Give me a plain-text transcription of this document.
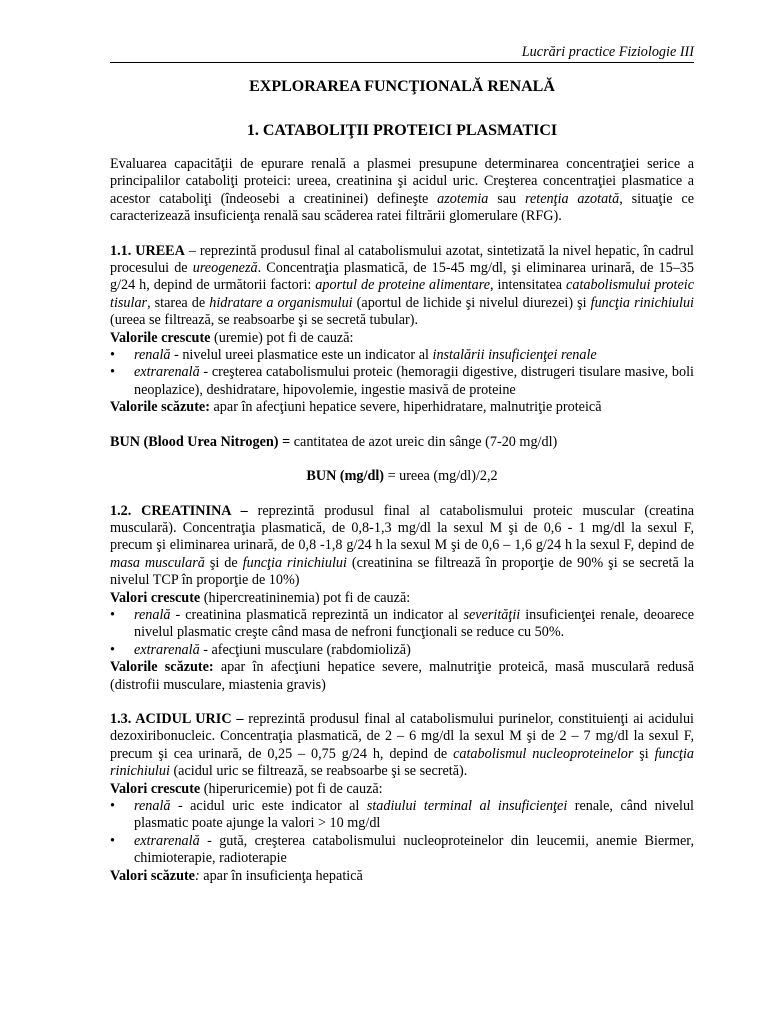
Lucrări practice Fiziologie III
EXPLORAREA FUNCŢIONALĂ RENALĂ
1. CATABOLIŢII PROTEICI PLASMATICI

Evaluarea capacităţii de epurare renală a plasmei presupune determinarea concentraţiei serice a principalilor cataboliţi proteici: ureea, creatinina şi acidul uric. Creşterea concentraţiei plasmatice a acestor cataboliţi (îndeosebi a creatininei) defineşte azotemia sau retenţia azotată, situaţie ce caracterizează insuficienţa renală sau scăderea ratei filtrării glomerulare (RFG).

1.1. UREEA – reprezintă produsul final al catabolismului azotat, sintetizată la nivel hepatic, în cadrul procesului de ureogeneză. Concentraţia plasmatică, de 15-45 mg/dl, şi eliminarea urinară, de 15–35 g/24 h, depind de următorii factori: aportul de proteine alimentare, intensitatea catabolismului proteic tisular, starea de hidratare a organismului (aportul de lichide şi nivelul diurezei) şi funcţia rinichiului (ureea se filtrează, se reabsoarbe şi se secretă tubular).

Valorile crescute (uremie) pot fi de cauză:

•	renală - nivelul ureei plasmatice este un indicator al instalării insuficienţei renale
•	extrarenală - creşterea catabolismului proteic (hemoragii digestive, distrugeri tisulare masive, boli neoplazice), deshidratare, hipovolemie, ingestie masivă de proteine

Valorile scăzute: apar în afecţiuni hepatice severe, hiperhidratare, malnutriţie proteică

BUN (Blood Urea Nitrogen) = cantitatea de azot ureic din sânge (7-20 mg/dl)

BUN (mg/dl) = ureea (mg/dl)/2,2

1.2. CREATININA – reprezintă produsul final al catabolismului proteic muscular (creatina musculară). Concentraţia plasmatică, de 0,8-1,3 mg/dl la sexul M şi de 0,6 - 1 mg/dl la sexul F, precum şi eliminarea urinară, de 0,8 -1,8 g/24 h la sexul M şi de 0,6 – 1,6 g/24 h la sexul F, depind de masa musculară şi de funcţia rinichiului (creatinina se filtrează în proporţie de 90% şi se secretă la nivelul TCP în proporţie de 10%)

Valori crescute (hipercreatininemia) pot fi de cauză:

•	renală - creatinina plasmatică reprezintă un indicator al severităţii insuficienţei renale, deoarece nivelul plasmatic creşte când masa de nefroni funcţionali se reduce cu 50%.
•	extrarenală - afecţiuni musculare (rabdomioliză)

Valorile scăzute: apar în afecţiuni hepatice severe, malnutriţie proteică, masă musculară redusă (distrofii musculare, miastenia gravis)

1.3. ACIDUL URIC – reprezintă produsul final al catabolismului purinelor, constituienţi ai acidului dezoxiribonucleic. Concentraţia plasmatică, de 2 – 6 mg/dl la sexul M şi de 2 – 7 mg/dl la sexul F, precum şi cea urinară, de 0,25 – 0,75 g/24 h, depind de catabolismul nucleoproteinelor şi funcţia rinichiului (acidul uric se filtrează, se reabsoarbe şi se secretă).

Valori crescute (hiperuricemie) pot fi de cauză:

•	renală - acidul uric este indicator al stadiului terminal al insuficienţei renale, când nivelul plasmatic poate ajunge la valori > 10 mg/dl
•	extrarenală - gută, creşterea catabolismului nucleoproteinelor din leucemii, anemie Biermer, chimioterapie, radioterapie

Valori scăzute: apar în insuficienţa hepatică
